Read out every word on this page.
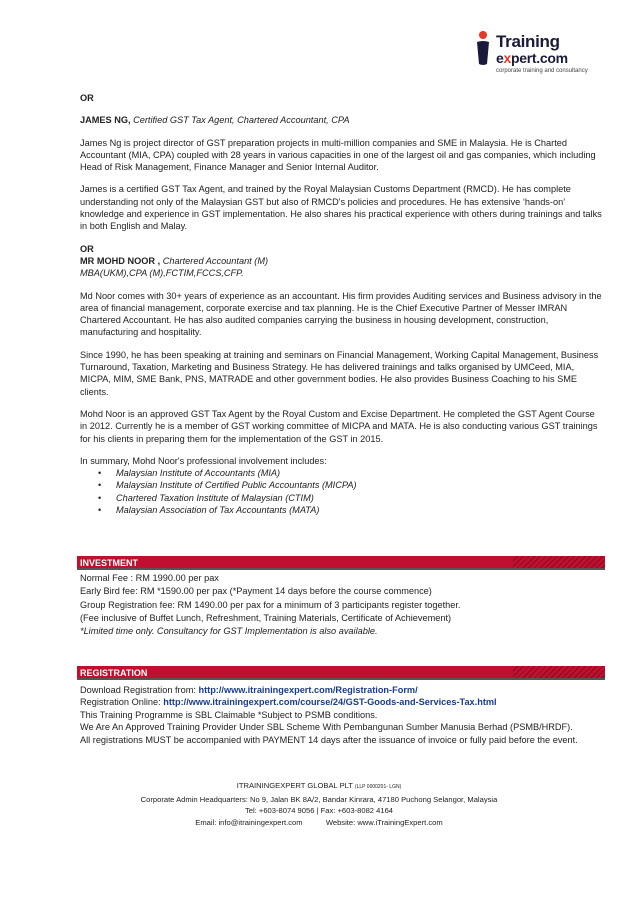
Training
expert.com
corporate training and consultancy
OR
JAMES NG, Certified GST Tax Agent, Chartered Accountant, CPA

James Ng is project director of GST preparation projects in multi-million companies and SME in Malaysia. He is Charted Accountant (MIA, CPA) coupled with 28 years in various capacities in one of the largest oil and gas companies, which including Head of Risk Management, Finance Manager and Senior Internal Auditor.

James is a certified GST Tax Agent, and trained by the Royal Malaysian Customs Department (RMCD). He has complete understanding not only of the Malaysian GST but also of RMCD's policies and procedures. He has extensive ‘hands-on’ knowledge and experience in GST implementation. He also shares his practical experience with others during trainings and talks in both English and Malay.

OR
MR MOHD NOOR , Chartered Accountant (M)

MBA(UKM),CPA (M),FCTIM,FCCS,CFP.

Md Noor comes with 30+ years of experience as an accountant. His firm provides Auditing services and Business advisory in the area of financial management, corporate exercise and tax planning. He is the Chief Executive Partner of Messer IMRAN Chartered Accountant. He has also audited companies carrying the business in housing development, construction, manufacturing and hospitality.

Since 1990, he has been speaking at training and seminars on Financial Management, Working Capital Management, Business Turnaround, Taxation, Marketing and Business Strategy. He has delivered trainings and talks organised by UMCeed, MIA, MICPA, MIM, SME Bank, PNS, MATRADE and other government bodies. He also provides Business Coaching to his SME clients.

Mohd Noor is an approved GST Tax Agent by the Royal Custom and Excise Department. He completed the GST Agent Course in 2012. Currently he is a member of GST working committee of MICPA and MATA. He is also conducting various GST trainings for his clients in preparing them for the implementation of the GST in 2015.

In summary, Mohd Noor's professional involvement includes:
• Malaysian Institute of Accountants (MIA)
• Malaysian Institute of Certified Public Accountants (MICPA)
• Chartered Taxation Institute of Malaysian (CTIM)
• Malaysian Association of Tax Accountants (MATA)
INVESTMENT
Normal Fee : RM 1990.00 per pax
Early Bird fee: RM *1590.00 per pax (*Payment 14 days before the course commence)
Group Registration fee: RM 1490.00 per pax for a minimum of 3 participants register together.
(Fee inclusive of Buffet Lunch, Refreshment, Training Materials, Certificate of Achievement)
*Limited time only. Consultancy for GST Implementation is also available.
REGISTRATION
Download Registration from: http://www.itrainingexpert.com/Registration-Form/
Registration Online: http://www.itrainingexpert.com/course/24/GST-Goods-and-Services-Tax.html
This Training Programme is SBL Claimable *Subject to PSMB conditions.
We Are An Approved Training Provider Under SBL Scheme With Pembangunan Sumber Manusia Berhad (PSMB/HRDF).
All registrations MUST be accompanied with PAYMENT 14 days after the issuance of invoice or fully paid before the event.
ITRAININGEXPERT GLOBAL PLT (LLP 0000201- LGN)
Corporate Admin Headquarters: No 9, Jalan BK 8A/2, Bandar Kinrara, 47180 Puchong Selangor, Malaysia
Tel: +603-8074 9056 | Fax: +603-8082 4164
Email: info@itrainingexpert.com	Website: www.iTrainingExpert.com
